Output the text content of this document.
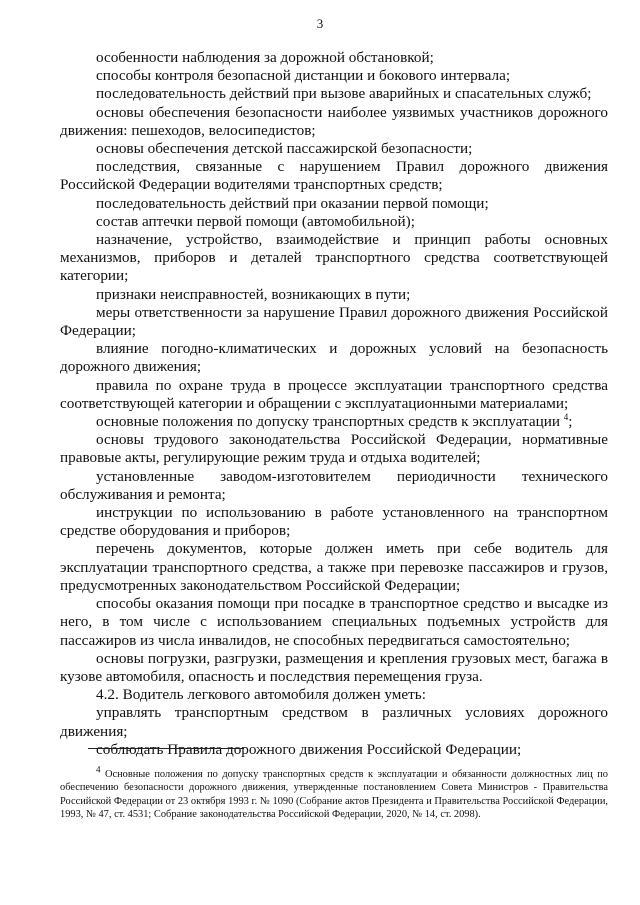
3

особенности наблюдения за дорожной обстановкой;

способы контроля безопасной дистанции и бокового интервала;

последовательность действий при вызове аварийных и спасательных служб;

основы обеспечения безопасности наиболее уязвимых участников дорожного движения: пешеходов, велосипедистов;

основы обеспечения детской пассажирской безопасности;

последствия, связанные с нарушением Правил дорожного движения Российской Федерации водителями транспортных средств;

последовательность действий при оказании первой помощи;

состав аптечки первой помощи (автомобильной);

назначение, устройство, взаимодействие и принцип работы основных механизмов, приборов и деталей транспортного средства соответствующей категории;

признаки неисправностей, возникающих в пути;

меры ответственности за нарушение Правил дорожного движения Российской Федерации;

влияние погодно-климатических и дорожных условий на безопасность дорожного движения;

правила по охране труда в процессе эксплуатации транспортного средства соответствующей категории и обращении с эксплуатационными материалами;

основные положения по допуску транспортных средств к эксплуатации $^4$;

основы трудового законодательства Российской Федерации, нормативные правовые акты, регулирующие режим труда и отдыха водителей;

установленные заводом-изготовителем периодичности технического обслуживания и ремонта;

инструкции по использованию в работе установленного на транспортном средстве оборудования и приборов;

перечень документов, которые должен иметь при себе водитель для эксплуатации транспортного средства, а также при перевозке пассажиров и грузов, предусмотренных законодательством Российской Федерации;

способы оказания помощи при посадке в транспортное средство и высадке из него, в том числе с использованием специальных подъемных устройств для пассажиров из числа инвалидов, не способных передвигаться самостоятельно;

основы погрузки, разгрузки, размещения и крепления грузовых мест, багажа в кузове автомобиля, опасность и последствия перемещения груза.

4.2. Водитель легкового автомобиля должен уметь:

управлять транспортным средством в различных условиях дорожного движения;

соблюдать Правила дорожного движения Российской Федерации;

4 Основные положения по допуску транспортных средств к эксплуатации и обязанности должностных лиц по обеспечению безопасности дорожного движения, утвержденные постановлением Совета Министров - Правительства Российской Федерации от 23 октября 1993 г. № 1090 (Собрание актов Президента и Правительства Российской Федерации, 1993, № 47, ст. 4531; Собрание законодательства Российской Федерации, 2020, № 14, ст. 2098).
